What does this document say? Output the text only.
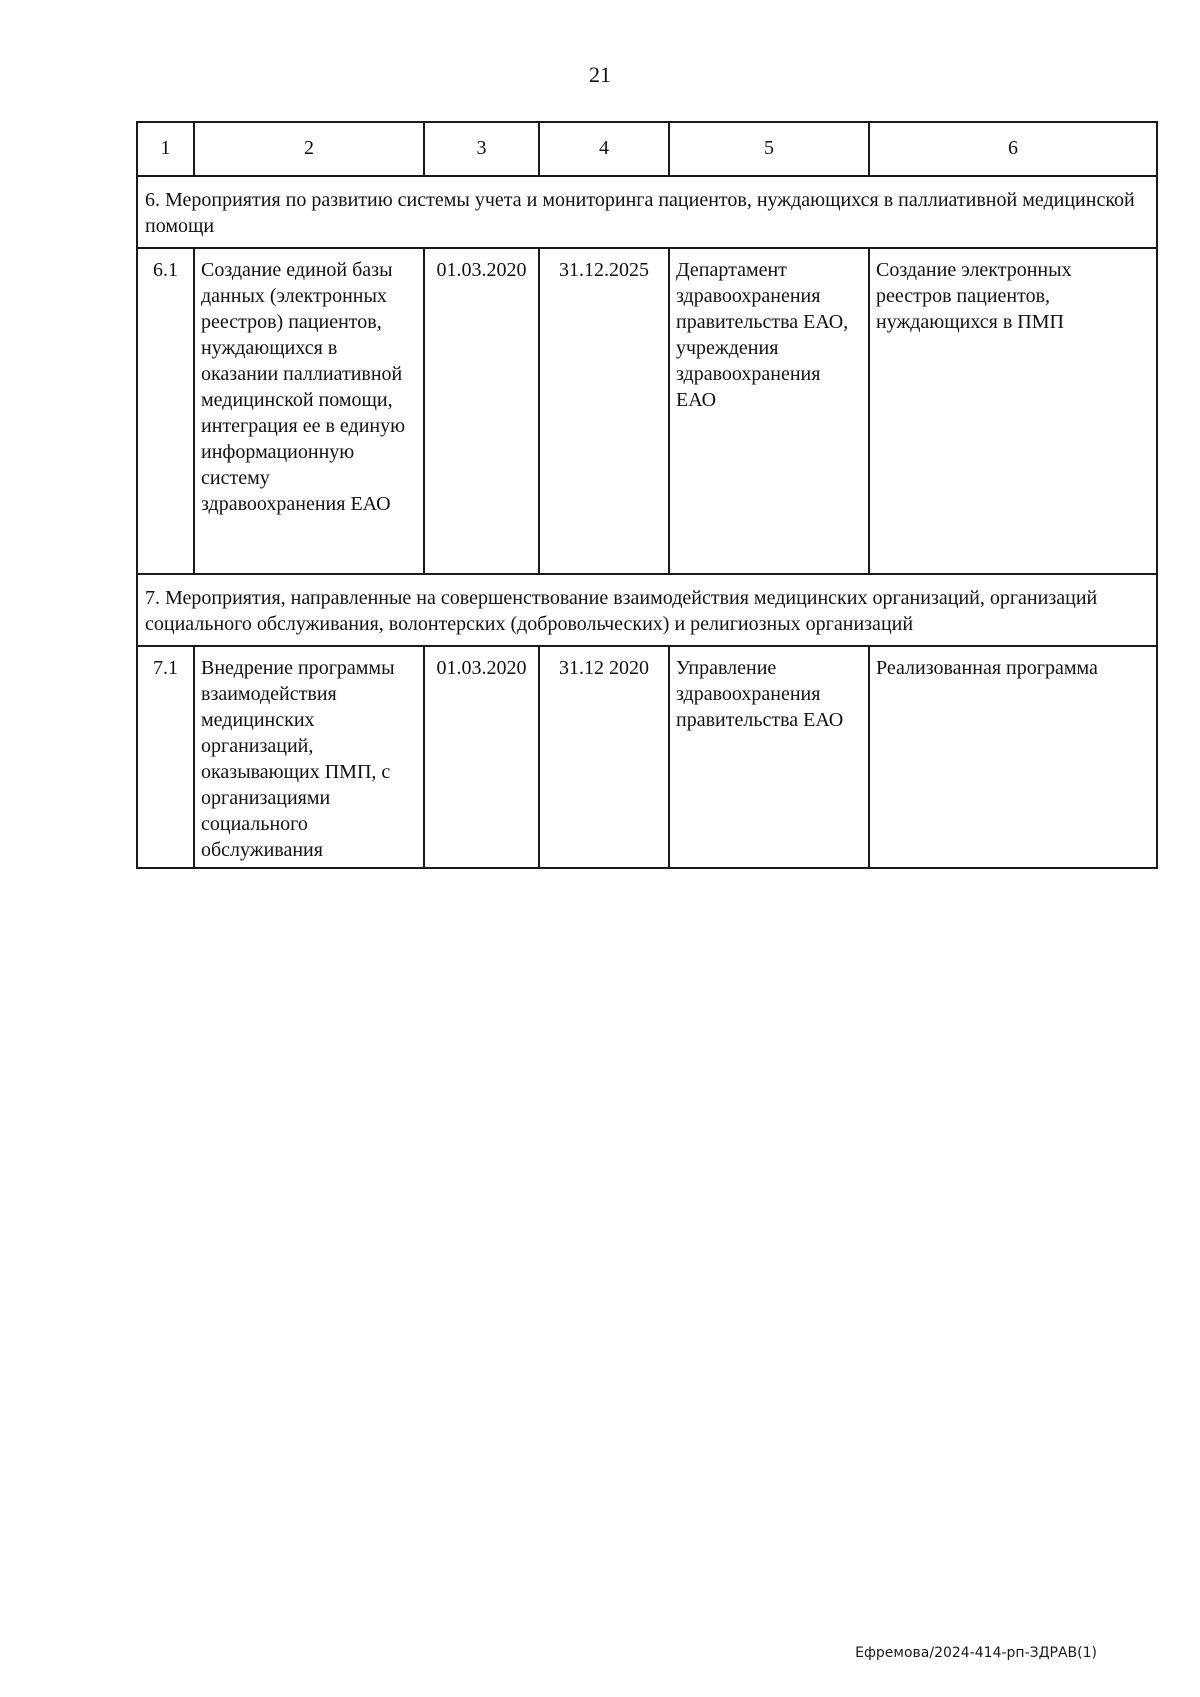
21
1	2	3	4	5	6
6. Мероприятия по развитию системы учета и мониторинга пациентов, нуждающихся в паллиативной медицинской помощи					
6.1	Создание единой базы данных (электронных реестров) пациентов, нуждающихся в оказании паллиативной медицинской помощи, интеграция ее в единую информационную систему здравоохранения ЕАО	01.03.2020	31.12.2025	Департамент здравоохранения правительства ЕАО, учреждения здравоохранения ЕАО	Создание электронных реестров пациентов, нуждающихся в ПМП
7. Мероприятия, направленные на совершенствование взаимодействия медицинских организаций, организаций социального обслуживания, волонтерских (добровольческих) и религиозных организаций					
7.1	Внедрение программы взаимодействия медицинских организаций, оказывающих ПМП, с организациями социального обслуживания	01.03.2020	31.12 2020	Управление здравоохранения правительства ЕАО	Реализованная программа
Ефремова/2024-414-рп-ЗДРАВ(1)
